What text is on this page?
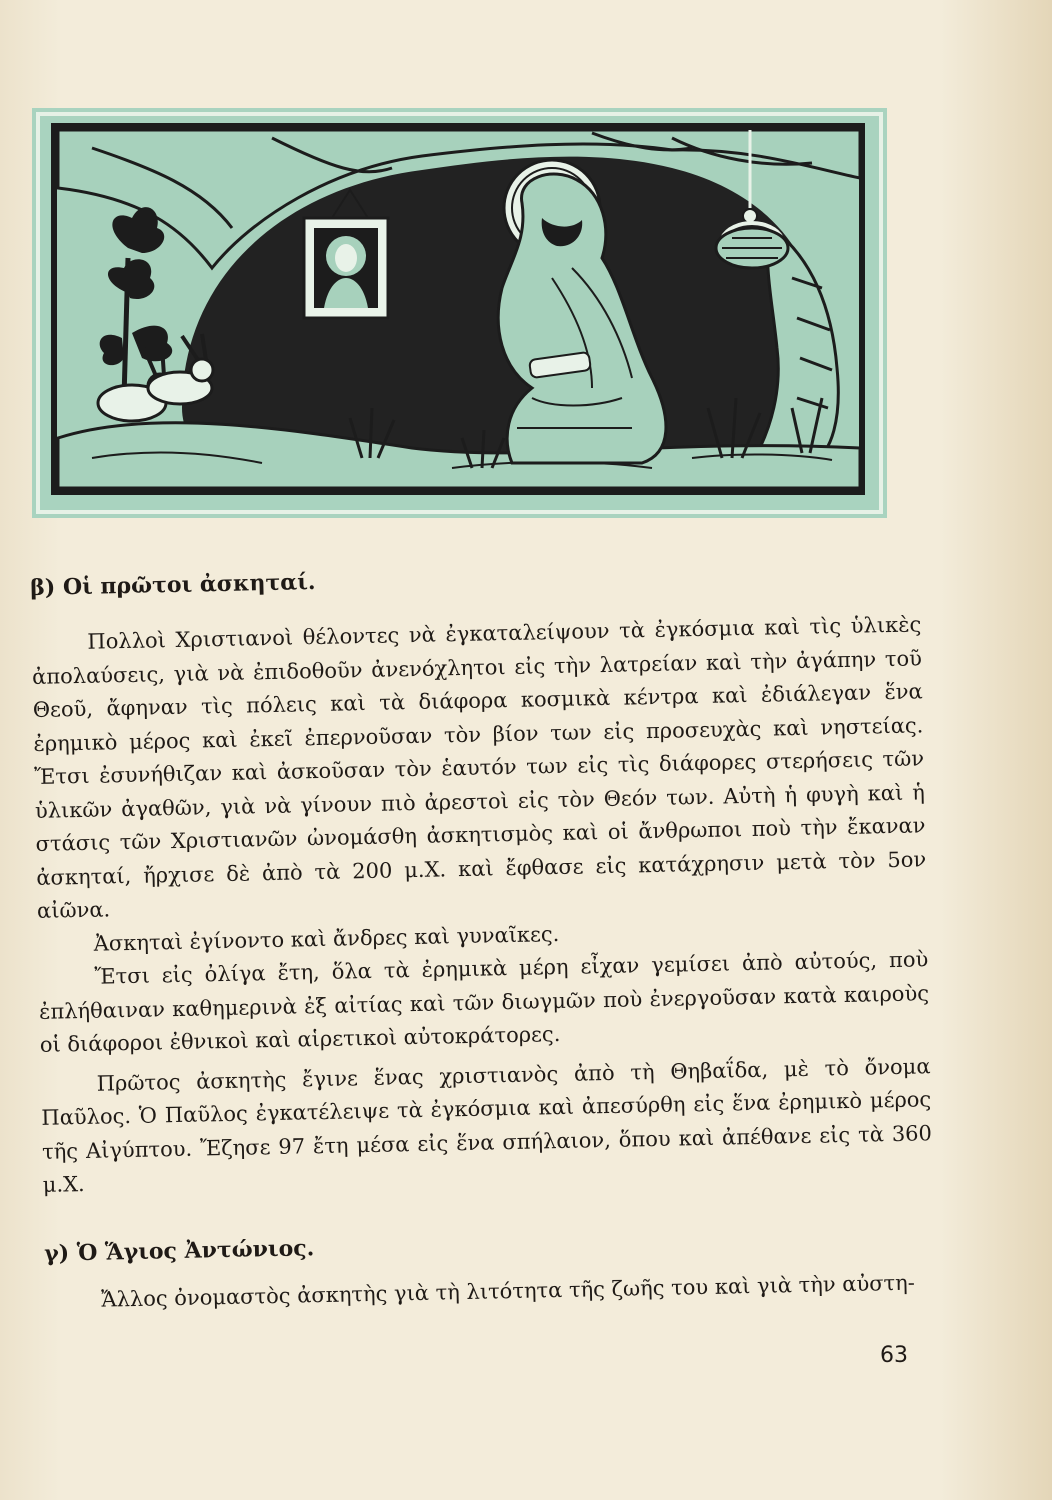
β) Οἱ πρῶτοι ἀσκηταί.

Πολλοὶ Χριστιανοὶ θέλοντες νὰ ἐγκαταλείψουν τὰ ἐγκόσμια καὶ τὶς ὑλικὲς ἀπολαύσεις, γιὰ νὰ ἐπιδοθοῦν ἀνενόχλητοι εἰς τὴν λατρείαν καὶ τὴν ἀγάπην τοῦ Θεοῦ, ἄφηναν τὶς πόλεις καὶ τὰ διάφορα κοσμικὰ κέντρα καὶ ἐδιάλεγαν ἕνα ἐρημικὸ μέρος καὶ ἐκεῖ ἐπερνοῦσαν τὸν βίον των εἰς προσευχὰς καὶ νηστείας. Ἔτσι ἐσυνήθιζαν καὶ ἀσκοῦσαν τὸν ἑαυτόν των εἰς τὶς διάφορες στερήσεις τῶν ὑλικῶν ἀγαθῶν, γιὰ νὰ γίνουν πιὸ ἀρεστοὶ εἰς τὸν Θεόν των. Αὐτὴ ἡ φυγὴ καὶ ἡ στάσις τῶν Χριστιανῶν ὠνομάσθη ἀσκητισμὸς καὶ οἱ ἄνθρωποι ποὺ τὴν ἔκαναν ἀσκηταί, ἤρχισε δὲ ἀπὸ τὰ 200 μ.Χ. καὶ ἔφθασε εἰς κατάχρησιν μετὰ τὸν 5ον αἰῶνα.

Ἀσκηταὶ ἐγίνοντο καὶ ἄνδρες καὶ γυναῖκες.

Ἔτσι εἰς ὀλίγα ἔτη, ὅλα τὰ ἐρημικὰ μέρη εἶχαν γεμίσει ἀπὸ αὐτούς, ποὺ ἐπλήθαιναν καθημερινὰ ἐξ αἰτίας καὶ τῶν διωγμῶν ποὺ ἐνεργοῦσαν κατὰ καιροὺς οἱ διάφοροι ἐθνικοὶ καὶ αἱρετικοὶ αὐτοκράτορες.

Πρῶτος ἀσκητὴς ἔγινε ἕνας χριστιανὸς ἀπὸ τὴ Θηβαΐδα, μὲ τὸ ὄνομα Παῦλος. Ὁ Παῦλος ἐγκατέλειψε τὰ ἐγκόσμια καὶ ἀπεσύρθη εἰς ἕνα ἐρημικὸ μέρος τῆς Αἰγύπτου. Ἔζησε 97 ἔτη μέσα εἰς ἕνα σπήλαιον, ὅπου καὶ ἀπέθανε εἰς τὰ 360 μ.Χ.

γ) Ὁ Ἅγιος Ἀντώνιος.

Ἄλλος ὀνομαστὸς ἀσκητὴς γιὰ τὴ λιτότητα τῆς ζωῆς του καὶ γιὰ τὴν αὐστη-

63
